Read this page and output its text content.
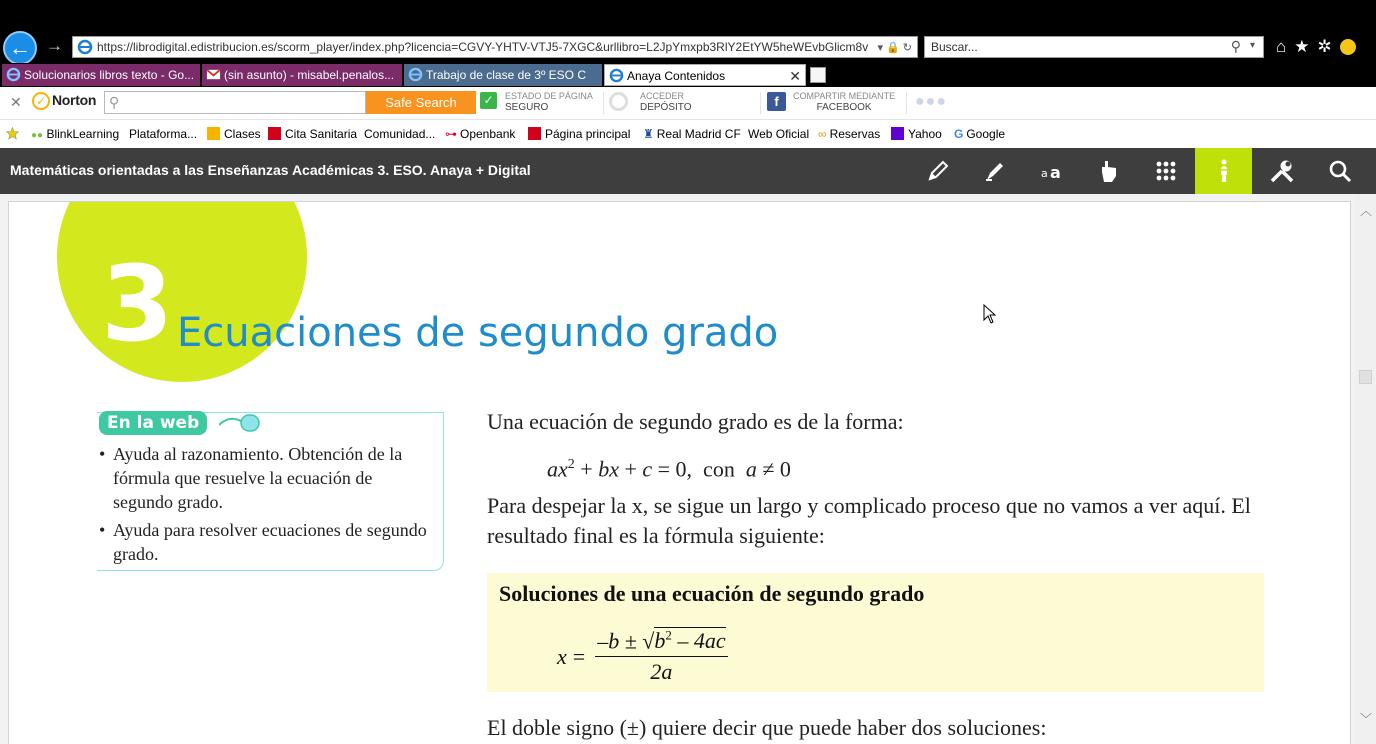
← →	https://librodigital.edistribucion.es/scorm_player/index.php?licencia=CGVY-YHTV-VTJ5-7XGC&urllibro=L2JpYmxpb3RlY2EtYW5heWEvbGlicm8v ▾ 🔒 ↻	Buscar...	⚲ ▾ ⌂ ★ ✲
Solucionarios libros texto - Go...	(sin asunto) - misabel.penalos...	Trabajo de clase de 3º ESO C	Anaya Contenidos	✕
✕	✓ Norton ⚲	Safe Search	✓	ESTADO DE PÁGINA
SEGURO
ACCEDER
DEPÓSITO	f	COMPARTIR MEDIANTE
FACEBOOK	●●●
●● BlinkLearning Plataforma...	Clases	Cita Sanitaria Comunidad... ⊶ Openbank	Página principal ♜ Real Madrid CF Web Oficial ∞ Reservas	Yahoo G Google
Matemáticas orientadas a las Enseñanzas Académicas 3. ESO. Anaya + Digital	a a
3 Ecuaciones de segundo grado
En la web
• Ayuda al razonamiento. Obtención de la fórmula que resuelve la ecuación de segundo grado.
• Ayuda para resolver ecuaciones de segundo grado.
Una ecuación de segundo grado es de la forma:
$ax^2$ + bx + c = 0,  con  a ≠ 0
Para despejar la x, se sigue un largo y complicado proceso que no vamos a ver aquí. El resultado final es la fórmula siguiente:
Soluciones de una ecuación de segundo grado
$x = \frac{-b \pm √b^2 - 4ac}{2a}$
El doble signo (±) quiere decir que puede haber dos soluciones:
︿
﹀
